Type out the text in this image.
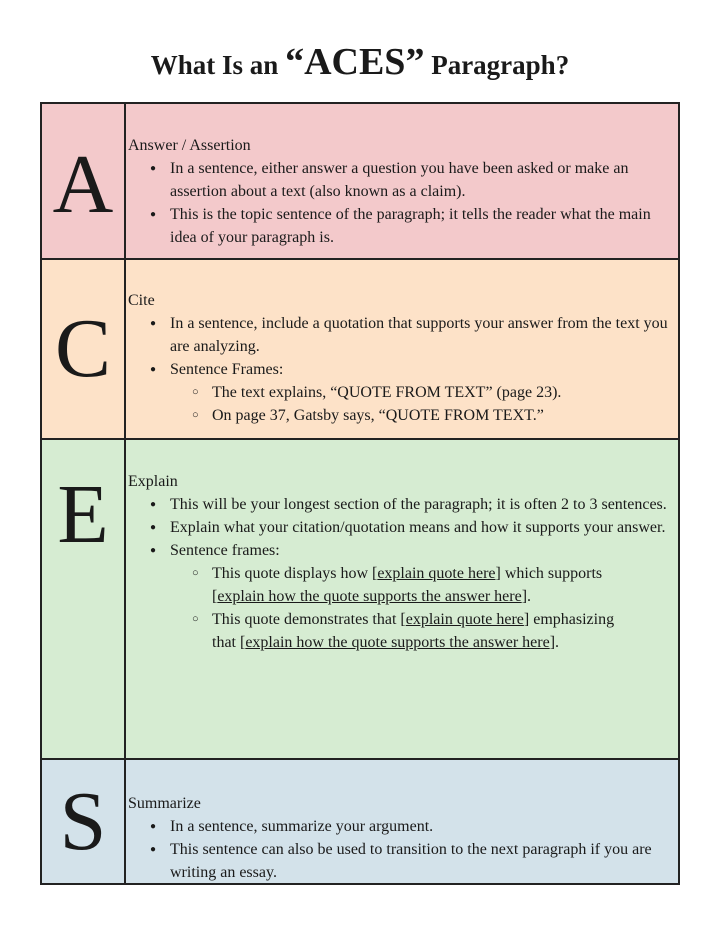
What Is an “ACES” Paragraph?
A Answer / Assertion
● In a sentence, either answer a question you have been asked or make an assertion about a text (also known as a claim).
● This is the topic sentence of the paragraph; it tells the reader what the main idea of your paragraph is.
C
Cite
● In a sentence, include a quotation that supports your answer from the text you are analyzing.
● Sentence Frames:
○ The text explains, “QUOTE FROM TEXT” (page 23).
○ On page 37, Gatsby says, “QUOTE FROM TEXT.”
E Explain
● This will be your longest section of the paragraph; it is often 2 to 3 sentences.
● Explain what your citation/quotation means and how it supports your answer.
● Sentence frames:
○ This quote displays how [explain quote here] which supports [explain how the quote supports the answer here].
○ This quote demonstrates that [explain quote here] emphasizing that [explain how the quote supports the answer here].
S Summarize
● In a sentence, summarize your argument.
● This sentence can also be used to transition to the next paragraph if you are writing an essay.
